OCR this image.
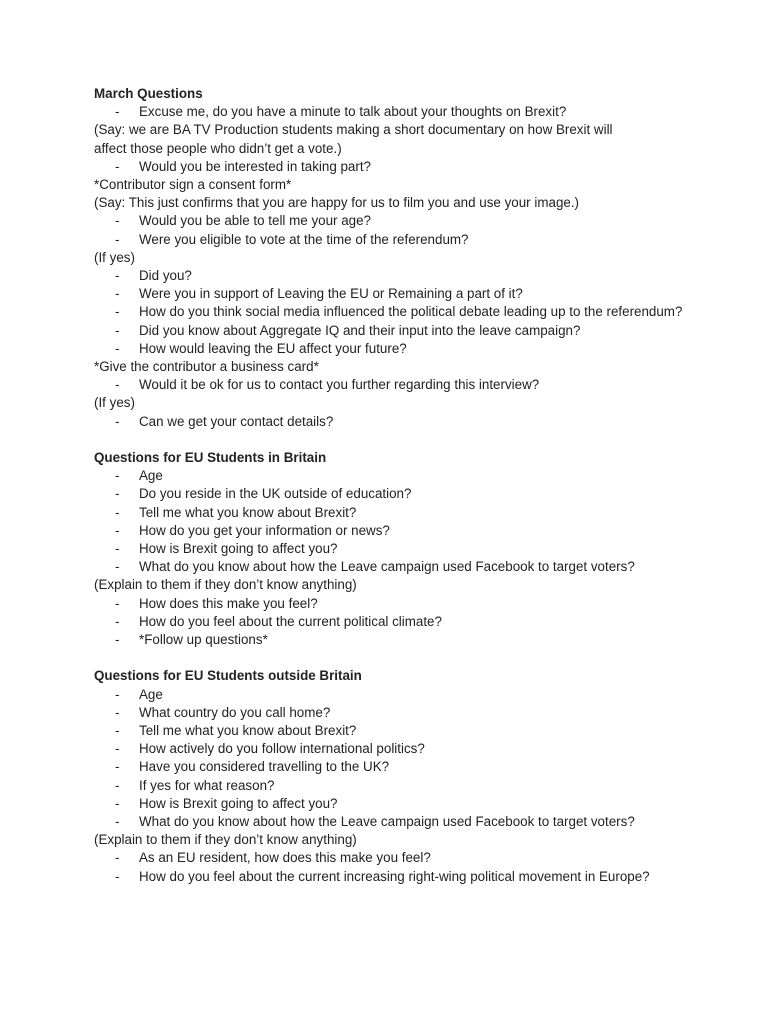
March Questions
- Excuse me, do you have a minute to talk about your thoughts on Brexit?
(Say: we are BA TV Production students making a short documentary on how Brexit will
affect those people who didn’t get a vote.)
- Would you be interested in taking part?
*Contributor sign a consent form*
(Say: This just confirms that you are happy for us to film you and use your image.)
- Would you be able to tell me your age?
- Were you eligible to vote at the time of the referendum?
(If yes)
- Did you?
- Were you in support of Leaving the EU or Remaining a part of it?
- How do you think social media influenced the political debate leading up to the referendum?
- Did you know about Aggregate IQ and their input into the leave campaign?
- How would leaving the EU affect your future?
*Give the contributor a business card*
- Would it be ok for us to contact you further regarding this interview?
(If yes)
- Can we get your contact details?
Questions for EU Students in Britain
- Age
- Do you reside in the UK outside of education?
- Tell me what you know about Brexit?
- How do you get your information or news?
- How is Brexit going to affect you?
- What do you know about how the Leave campaign used Facebook to target voters?
(Explain to them if they don’t know anything)
- How does this make you feel?
- How do you feel about the current political climate?
- *Follow up questions*
Questions for EU Students outside Britain
- Age
- What country do you call home?
- Tell me what you know about Brexit?
- How actively do you follow international politics?
- Have you considered travelling to the UK?
- If yes for what reason?
- How is Brexit going to affect you?
- What do you know about how the Leave campaign used Facebook to target voters?
(Explain to them if they don’t know anything)
- As an EU resident, how does this make you feel?
- How do you feel about the current increasing right-wing political movement in Europe?
